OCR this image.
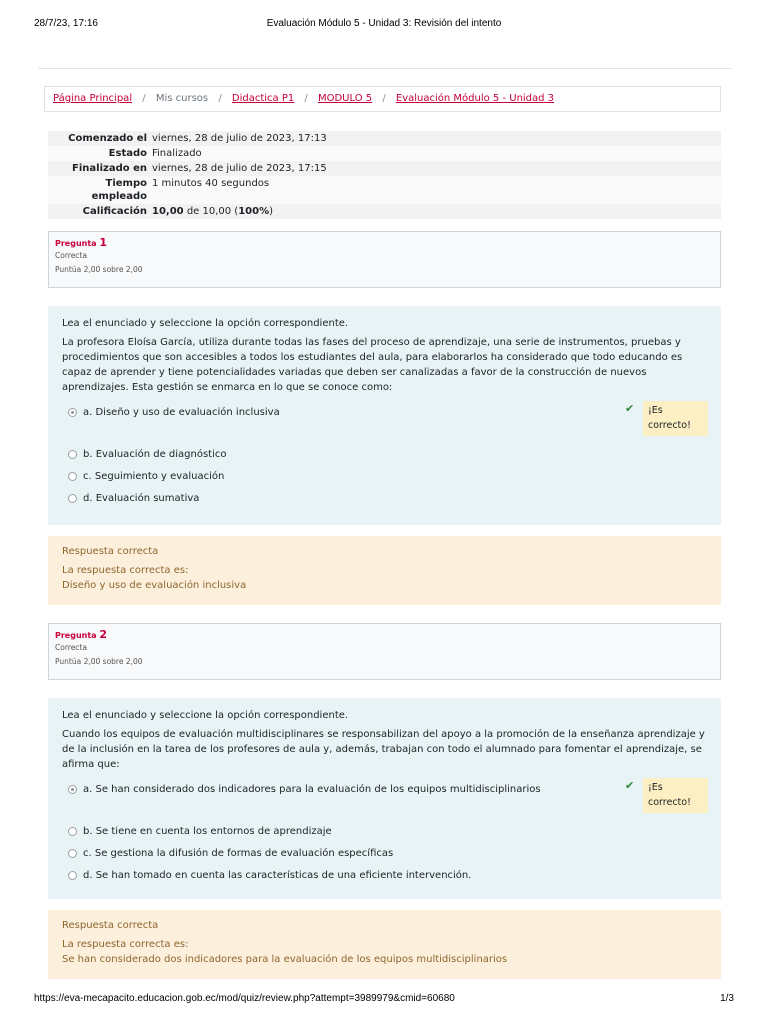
28/7/23, 17:16	Evaluación Módulo 5 - Unidad 3: Revisión del intento
Página Principal / Mis cursos / Didactica P1 / MODULO 5 / Evaluación Módulo 5 - Unidad 3
Comenzado el	viernes, 28 de julio de 2023, 17:13
Estado	Finalizado
Finalizado en	viernes, 28 de julio de 2023, 17:15
Tiempo empleado	1 minutos 40 segundos
Calificación	10,00 de 10,00 (100%)
Pregunta 1
Correcta
Puntúa 2,00 sobre 2,00

Lea el enunciado y seleccione la opción correspondiente.

La profesora Eloísa García, utiliza durante todas las fases del proceso de aprendizaje, una serie de instrumentos, pruebas y procedimientos que son accesibles a todos los estudiantes del aula, para elaborarlos ha considerado que todo educando es capaz de aprender y tiene potencialidades variadas que deben ser canalizadas a favor de la construcción de nuevos aprendizajes. Esta gestión se enmarca en lo que se conoce como:

a. Diseño y uso de evaluación inclusiva	✔	¡Es correcto!
b. Evaluación de diagnóstico
c. Seguimiento y evaluación
d. Evaluación sumativa
Respuesta correcta
La respuesta correcta es:
Diseño y uso de evaluación inclusiva
Pregunta 2
Correcta
Puntúa 2,00 sobre 2,00

Lea el enunciado y seleccione la opción correspondiente.

Cuando los equipos de evaluación multidisciplinares se responsabilizan del apoyo a la promoción de la enseñanza aprendizaje y de la inclusión en la tarea de los profesores de aula y, además, trabajan con todo el alumnado para fomentar el aprendizaje, se afirma que:

a. Se han considerado dos indicadores para la evaluación de los equipos multidisciplinarios	✔	¡Es correcto!
b. Se tiene en cuenta los entornos de aprendizaje
c. Se gestiona la difusión de formas de evaluación específicas
d. Se han tomado en cuenta las características de una eficiente intervención.
Respuesta correcta
La respuesta correcta es:
Se han considerado dos indicadores para la evaluación de los equipos multidisciplinarios
https://eva-mecapacito.educacion.gob.ec/mod/quiz/review.php?attempt=3989979&cmid=60680	1/3
